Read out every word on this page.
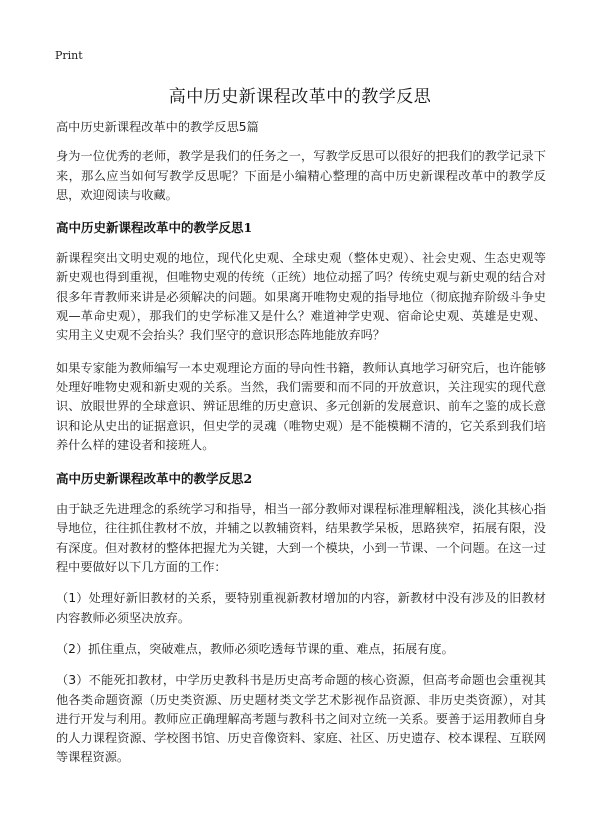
Print
高中历史新课程改革中的教学反思

高中历史新课程改革中的教学反思5篇

身为一位优秀的老师，教学是我们的任务之一，写教学反思可以很好的把我们的教学记录下来，那么应当如何写教学反思呢？下面是小编精心整理的高中历史新课程改革中的教学反思，欢迎阅读与收藏。

高中历史新课程改革中的教学反思1

新课程突出文明史观的地位，现代化史观、全球史观（整体史观）、社会史观、生态史观等新史观也得到重视，但唯物史观的传统（正统）地位动摇了吗？传统史观与新史观的结合对很多年青教师来讲是必须解决的问题。如果离开唯物史观的指导地位（彻底抛弃阶级斗争史观—革命史观），那我们的史学标准又是什么？难道神学史观、宿命论史观、英雄是史观、实用主义史观不会抬头？我们坚守的意识形态阵地能放弃吗？

如果专家能为教师编写一本史观理论方面的导向性书籍，教师认真地学习研究后，也许能够处理好唯物史观和新史观的关系。当然，我们需要和而不同的开放意识，关注现实的现代意识、放眼世界的全球意识、辨证思维的历史意识、多元创新的发展意识、前车之鉴的成长意识和论从史出的证据意识，但史学的灵魂（唯物史观）是不能模糊不清的，它关系到我们培养什么样的建设者和接班人。

高中历史新课程改革中的教学反思2

由于缺乏先进理念的系统学习和指导，相当一部分教师对课程标准理解粗浅，淡化其核心指导地位，往往抓住教材不放，并辅之以教辅资料，结果教学呆板，思路狭窄，拓展有限，没有深度。但对教材的整体把握尤为关键，大到一个模块，小到一节课、一个问题。在这一过程中要做好以下几方面的工作：

（1）处理好新旧教材的关系，要特别重视新教材增加的内容，新教材中没有涉及的旧教材内容教师必须坚决放弃。

（2）抓住重点，突破难点，教师必须吃透每节课的重、难点，拓展有度。

（3）不能死扣教材，中学历史教科书是历史高考命题的核心资源，但高考命题也会重视其他各类命题资源（历史类资源、历史题材类文学艺术影视作品资源、非历史类资源），对其进行开发与利用。教师应正确理解高考题与教科书之间对立统一关系。要善于运用教师自身的人力课程资源、学校图书馆、历史音像资料、家庭、社区、历史遗存、校本课程、互联网等课程资源。
